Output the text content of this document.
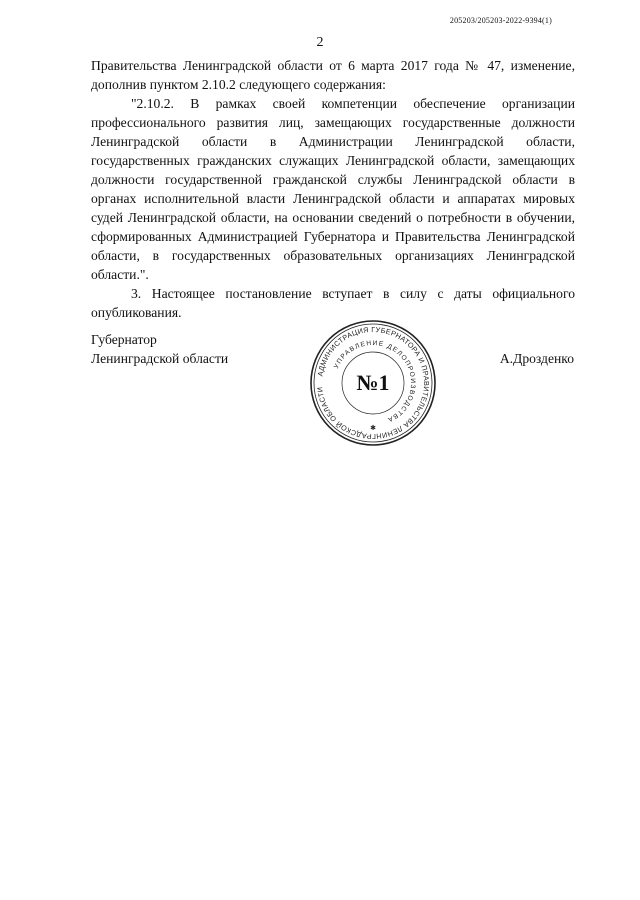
205203/205203-2022-9394(1)
2

Правительства Ленинградской области от 6 марта 2017 года № 47, изменение, дополнив пунктом 2.10.2 следующего содержания:

"2.10.2. В рамках своей компетенции обеспечение организации профессионального развития лиц, замещающих государственные должности Ленинградской области в Администрации Ленинградской области, государственных гражданских служащих Ленинградской области, замещающих должности государственной гражданской службы Ленинградской области в органах исполнительной власти Ленинградской области и аппаратах мировых судей Ленинградской области, на основании сведений о потребности в обучении, сформированных Администрацией Губернатора и Правительства Ленинградской области, в государственных образовательных организациях Ленинградской области.".

3. Настоящее постановление вступает в силу с даты официального опубликования.

Губернатор
Ленинградской области
АДМИНИСТРАЦИЯ ГУБЕРНАТОРА И ПРАВИТЕЛЬСТВА ЛЕНИНГРАДСКОЙ ОБЛАСТИ
УПРАВЛЕНИЕ ДЕЛОПРОИЗВОДСТВА
№1
✱
А.Дрозденко
